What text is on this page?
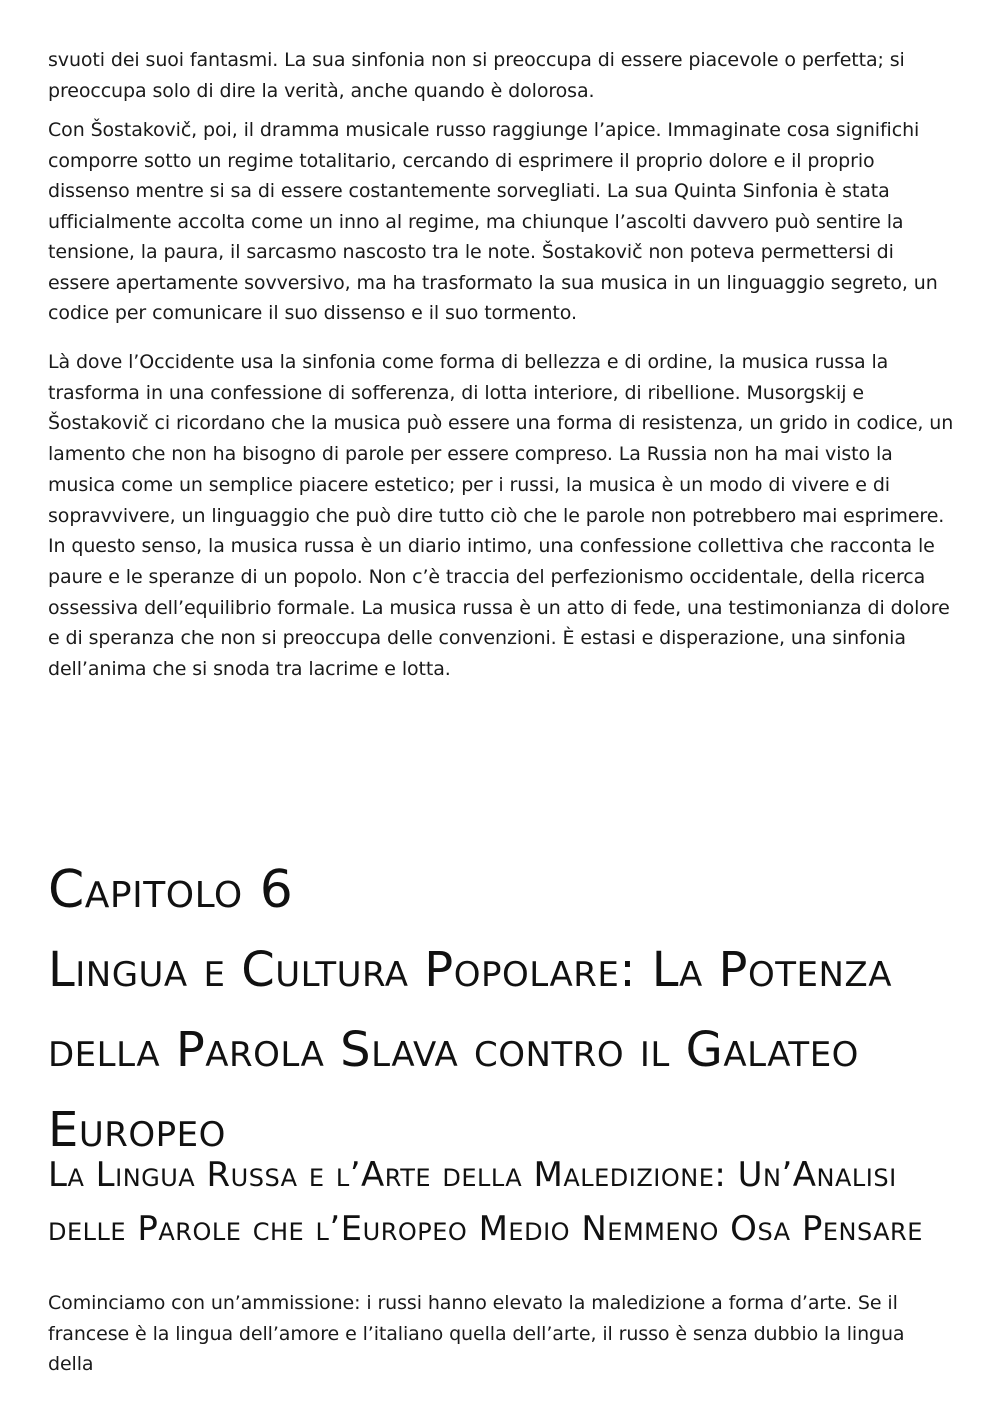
svuoti dei suoi fantasmi. La sua sinfonia non si preoccupa di essere piacevole o perfetta; si preoccupa solo di dire la verità, anche quando è dolorosa.

Con Šostakovič, poi, il dramma musicale russo raggiunge l’apice. Immaginate cosa significhi comporre sotto un regime totalitario, cercando di esprimere il proprio dolore e il proprio dissenso mentre si sa di essere costantemente sorvegliati. La sua Quinta Sinfonia è stata ufficialmente accolta come un inno al regime, ma chiunque l’ascolti davvero può sentire la tensione, la paura, il sarcasmo nascosto tra le note. Šostakovič non poteva permettersi di essere apertamente sovversivo, ma ha trasformato la sua musica in un linguaggio segreto, un codice per comunicare il suo dissenso e il suo tormento.

Là dove l’Occidente usa la sinfonia come forma di bellezza e di ordine, la musica russa la trasforma in una confessione di sofferenza, di lotta interiore, di ribellione. Musorgskij e Šostakovič ci ricordano che la musica può essere una forma di resistenza, un grido in codice, un lamento che non ha bisogno di parole per essere compreso. La Russia non ha mai visto la musica come un semplice piacere estetico; per i russi, la musica è un modo di vivere e di sopravvivere, un linguaggio che può dire tutto ciò che le parole non potrebbero mai esprimere. In questo senso, la musica russa è un diario intimo, una confessione collettiva che racconta le paure e le speranze di un popolo. Non c’è traccia del perfezionismo occidentale, della ricerca ossessiva dell’equilibrio formale. La musica russa è un atto di fede, una testimonianza di dolore e di speranza che non si preoccupa delle convenzioni. È estasi e disperazione, una sinfonia dell’anima che si snoda tra lacrime e lotta.

Capitolo 6
Lingua e Cultura Popolare: La Potenza della Parola Slava contro il Galateo Europeo
La Lingua Russa e l’Arte della Maledizione: Un’Analisi delle Parole che l’Europeo Medio Nemmeno Osa Pensare

Cominciamo con un’ammissione: i russi hanno elevato la maledizione a forma d’arte. Se il francese è la lingua dell’amore e l’italiano quella dell’arte, il russo è senza dubbio la lingua della
